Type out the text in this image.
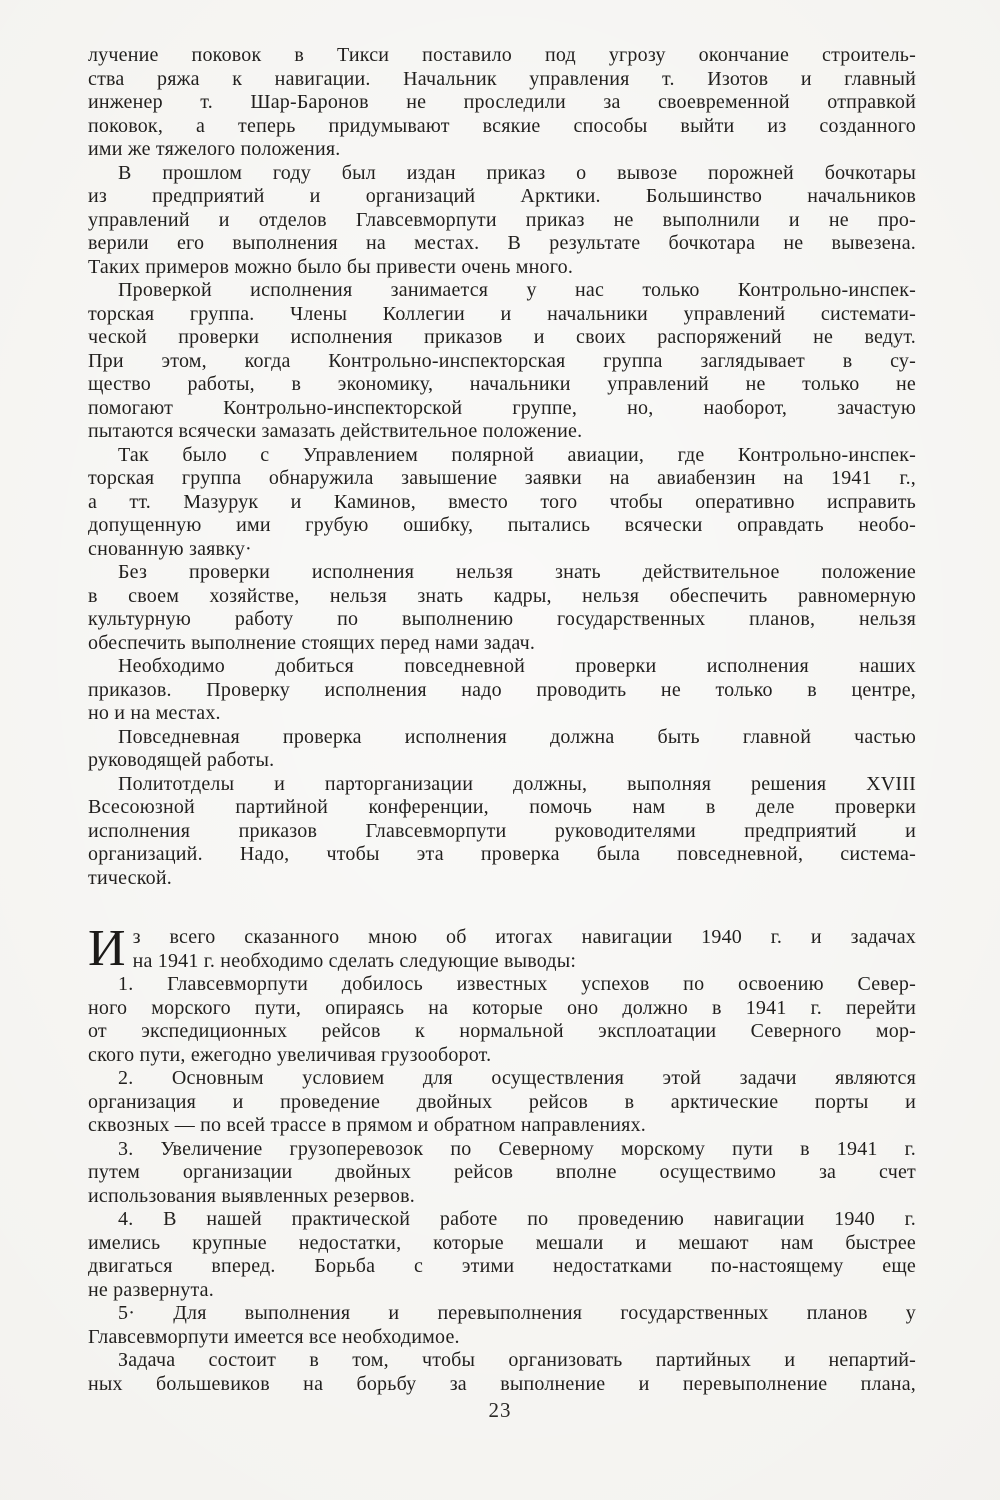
лучение поковок в Тикси поставило под угрозу окончание строитель-
ства ряжа к навигации. Начальник управления т. Изотов и главный
инженер т. Шар-Баронов не проследили за своевременной отправкой
поковок, а теперь придумывают всякие способы выйти из созданного
ими же тяжелого положения.
В прошлом году был издан приказ о вывозе порожней бочкотары
из предприятий и организаций Арктики. Большинство начальников
управлений и отделов Главсевморпути приказ не выполнили и не про-
верили его выполнения на местах. В результате бочкотара не вывезена.
Таких примеров можно было бы привести очень много.
Проверкой исполнения занимается у нас только Контрольно-инспек-
торская группа. Члены Коллегии и начальники управлений системати-
ческой проверки исполнения приказов и своих распоряжений не ведут.
При этом, когда Контрольно-инспекторская группа заглядывает в су-
щество работы, в экономику, начальники управлений не только не
помогают Контрольно-инспекторской группе, но, наоборот, зачастую
пытаются всячески замазать действительное положение.
Так было с Управлением полярной авиации, где Контрольно-инспек-
торская группа обнаружила завышение заявки на авиабензин на 1941 г.,
а тт. Мазурук и Каминов, вместо того чтобы оперативно исправить
допущенную ими грубую ошибку, пытались всячески оправдать необо-
снованную заявку·
Без проверки исполнения нельзя знать действительное положение
в своем хозяйстве, нельзя знать кадры, нельзя обеспечить равномерную
культурную работу по выполнению государственных планов, нельзя
обеспечить выполнение стоящих перед нами задач.
Необходимо добиться повседневной проверки исполнения наших
приказов. Проверку исполнения надо проводить не только в центре,
но и на местах.
Повседневная проверка исполнения должна быть главной частью
руководящей работы.
Политотделы и парторганизации должны, выполняя решения XVIII
Всесоюзной партийной конференции, помочь нам в деле проверки
исполнения приказов Главсевморпути руководителями предприятий и
организаций. Надо, чтобы эта проверка была повседневной, система-
тической.
И з всего сказанного мною об итогах навигации 1940 г. и задачах
на 1941 г. необходимо сделать следующие выводы:
1. Главсевморпути добилось известных успехов по освоению Север-
ного морского пути, опираясь на которые оно должно в 1941 г. перейти
от экспедиционных рейсов к нормальной эксплоатации Северного мор-
ского пути, ежегодно увеличивая грузооборот.
2. Основным условием для осуществления этой задачи являются
организация и проведение двойных рейсов в арктические порты и
сквозных — по всей трассе в прямом и обратном направлениях.
3. Увеличение грузоперевозок по Северному морскому пути в 1941 г.
путем организации двойных рейсов вполне осуществимо за счет
использования выявленных резервов.
4. В нашей практической работе по проведению навигации 1940 г.
имелись крупные недостатки, которые мешали и мешают нам быстрее
двигаться вперед. Борьба с этими недостатками по-настоящему еще
не развернута.
5· Для выполнения и перевыполнения государственных планов у
Главсевморпути имеется все необходимое.
Задача состоит в том, чтобы организовать партийных и непартий-
ных большевиков на борьбу за выполнение и перевыполнение плана,
23
